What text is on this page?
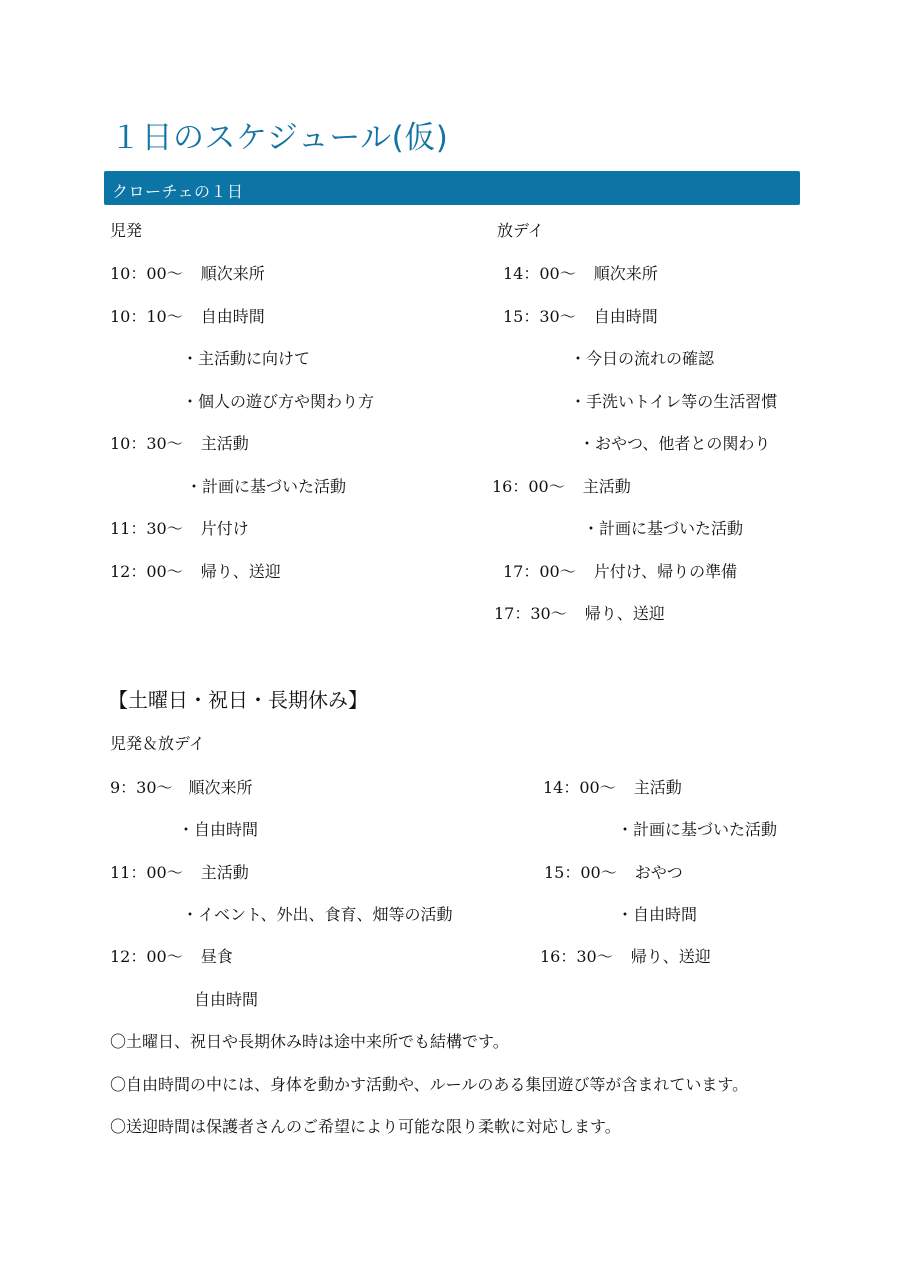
１日のスケジュール(仮)
クローチェの１日
児発
10：00～ 順次来所
10：10～ 自由時間
・主活動に向けて
・個人の遊び方や関わり方
10：30～ 主活動
・計画に基づいた活動
11：30～ 片付け
12：00～ 帰り、送迎
放デイ
14：00～ 順次来所
15：30～ 自由時間
・今日の流れの確認
・手洗いトイレ等の生活習慣
・おやつ、他者との関わり
16：00～ 主活動
・計画に基づいた活動
17：00～ 片付け、帰りの準備
17：30～ 帰り、送迎
【土曜日・祝日・長期休み】
児発＆放デイ
9：30～ 順次来所
・自由時間
11：00～ 主活動
・イベント、外出、食育、畑等の活動
12：00～ 昼食
自由時間
14：00～ 主活動
・計画に基づいた活動
15：00～ おやつ
・自由時間
16：30～ 帰り、送迎
〇土曜日、祝日や長期休み時は途中来所でも結構です。
〇自由時間の中には、身体を動かす活動や、ルールのある集団遊び等が含まれています。
〇送迎時間は保護者さんのご希望により可能な限り柔軟に対応します。
